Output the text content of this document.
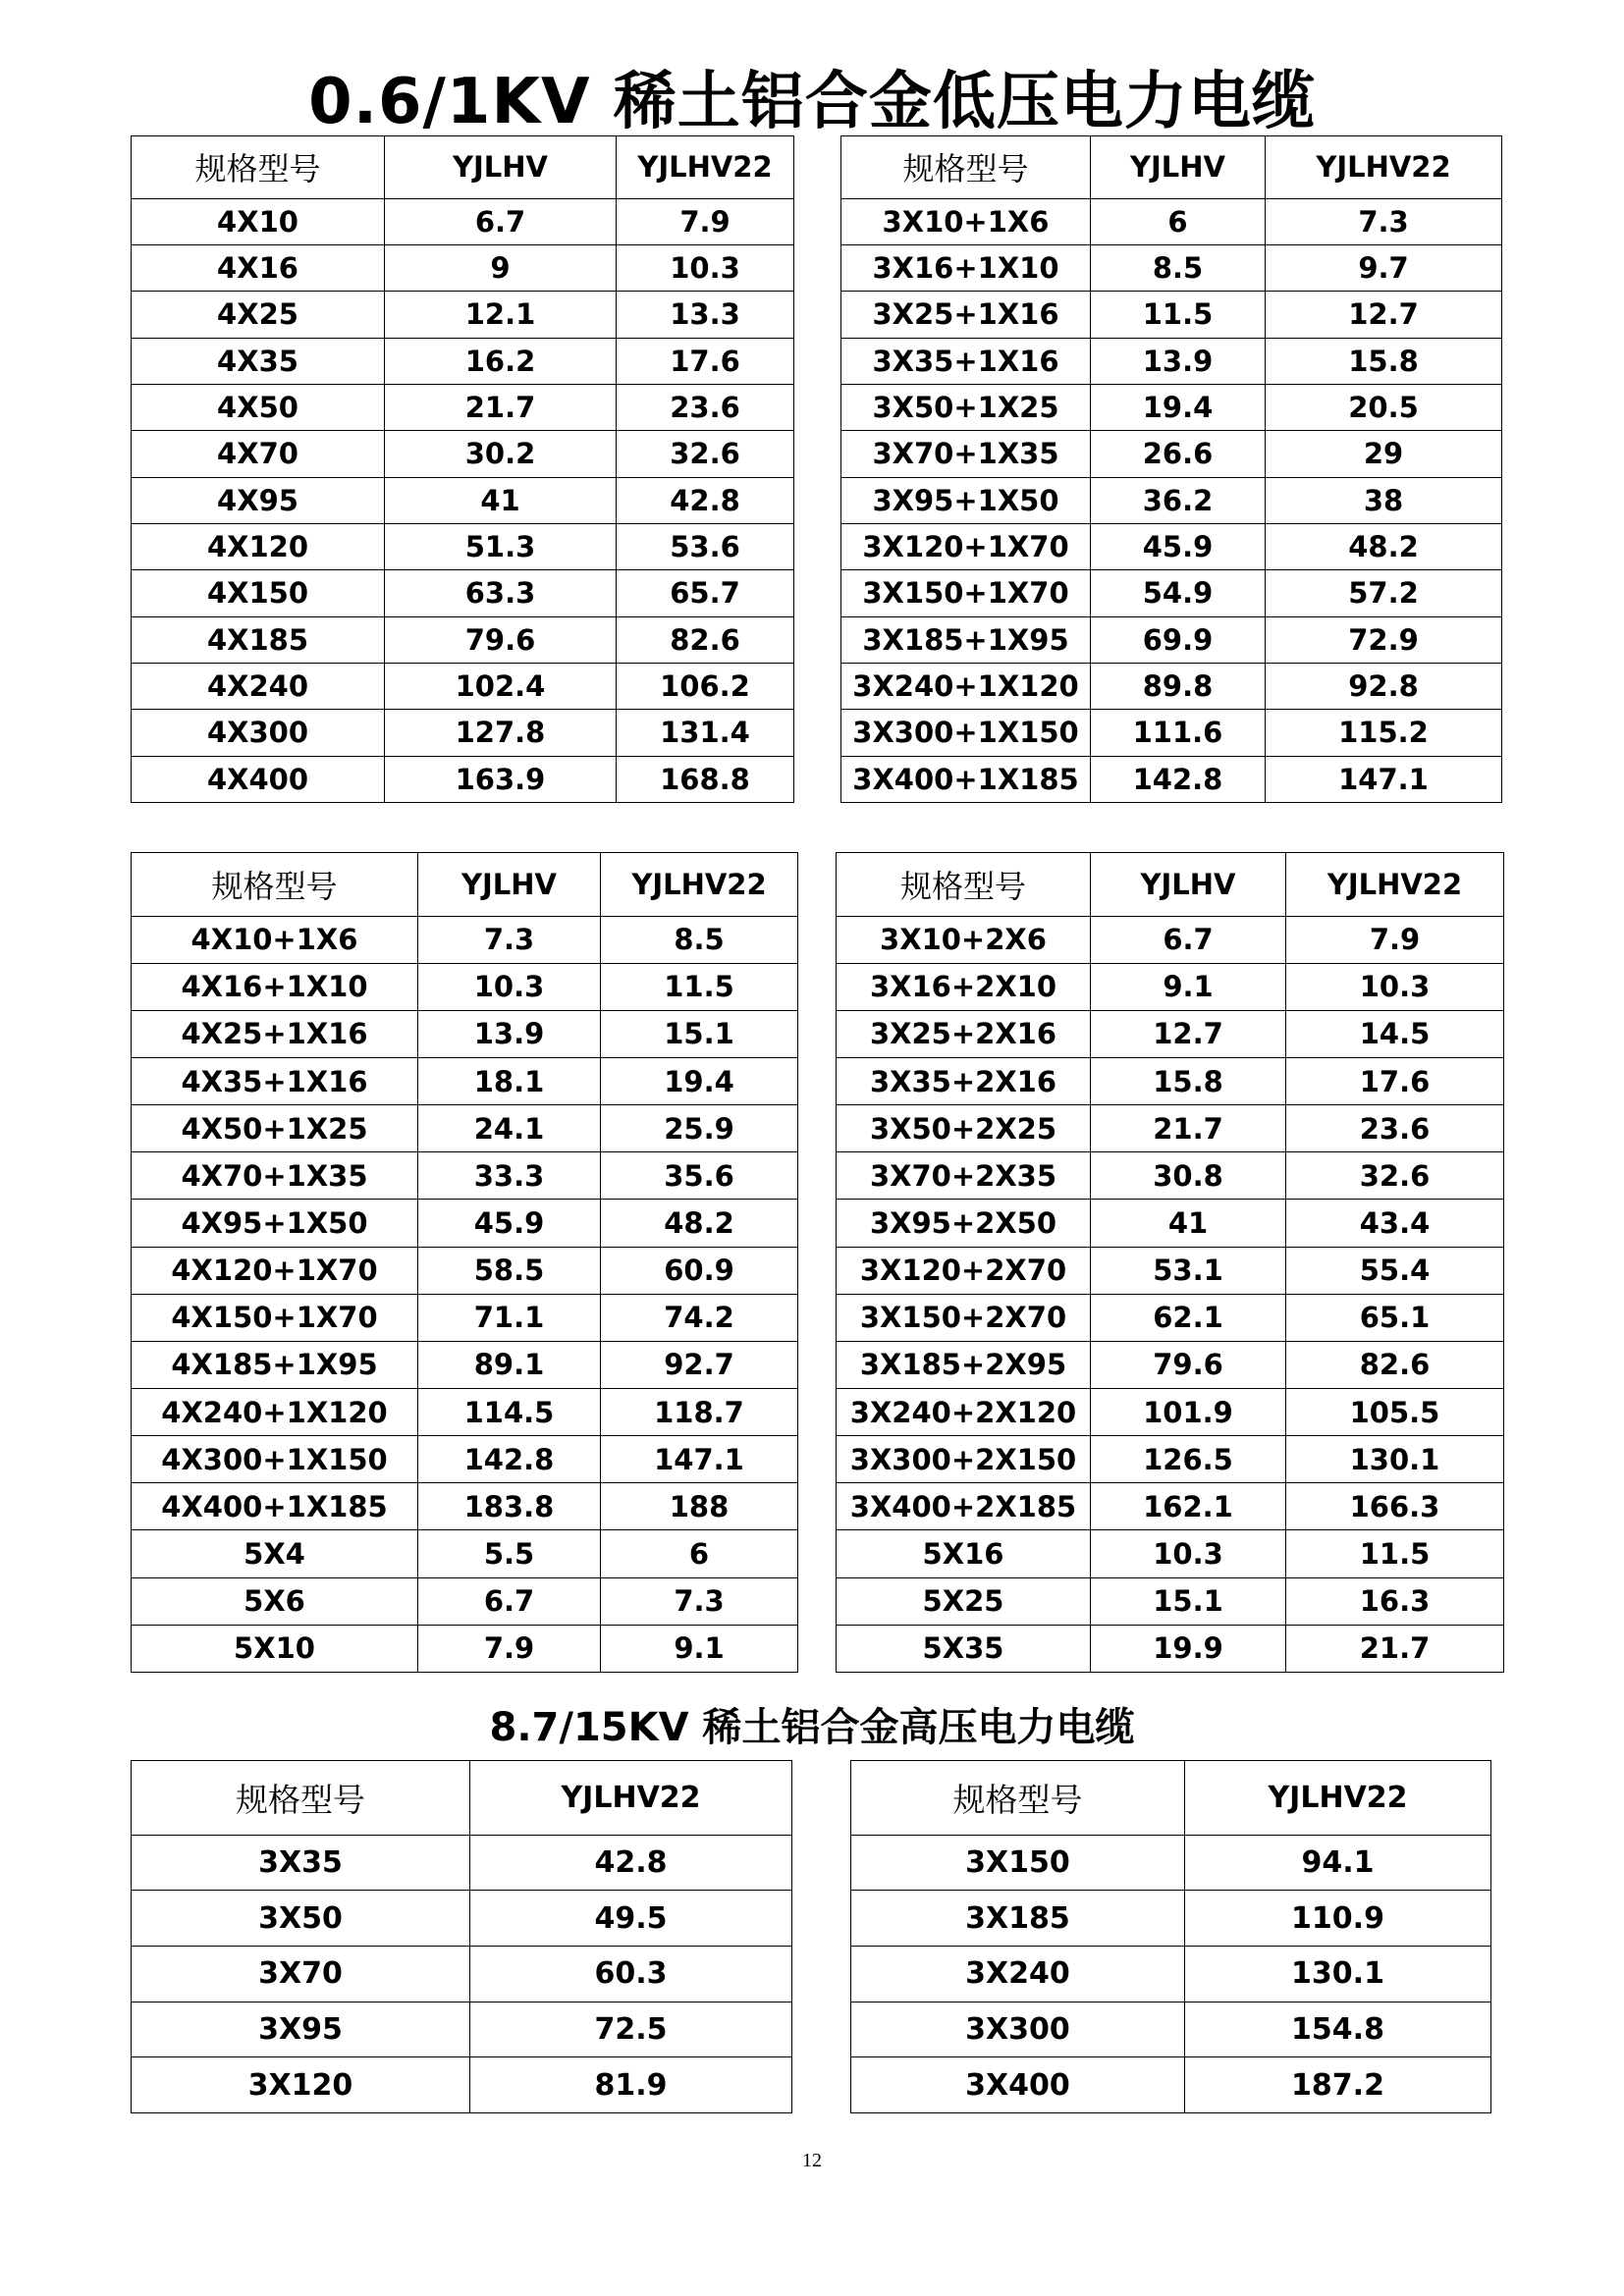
0.6/1KV 稀土铝合金低压电力电缆
规格型号	YJLHV	YJLHV22
4X10	6.7	7.9
4X16	9	10.3
4X25	12.1	13.3
4X35	16.2	17.6
4X50	21.7	23.6
4X70	30.2	32.6
4X95	41	42.8
4X120	51.3	53.6
4X150	63.3	65.7
4X185	79.6	82.6
4X240	102.4	106.2
4X300	127.8	131.4
4X400	163.9	168.8
规格型号	YJLHV	YJLHV22
3X10+1X6	6	7.3
3X16+1X10	8.5	9.7
3X25+1X16	11.5	12.7
3X35+1X16	13.9	15.8
3X50+1X25	19.4	20.5
3X70+1X35	26.6	29
3X95+1X50	36.2	38
3X120+1X70	45.9	48.2
3X150+1X70	54.9	57.2
3X185+1X95	69.9	72.9
3X240+1X120	89.8	92.8
3X300+1X150	111.6	115.2
3X400+1X185	142.8	147.1
规格型号	YJLHV	YJLHV22
4X10+1X6	7.3	8.5
4X16+1X10	10.3	11.5
4X25+1X16	13.9	15.1
4X35+1X16	18.1	19.4
4X50+1X25	24.1	25.9
4X70+1X35	33.3	35.6
4X95+1X50	45.9	48.2
4X120+1X70	58.5	60.9
4X150+1X70	71.1	74.2
4X185+1X95	89.1	92.7
4X240+1X120	114.5	118.7
4X300+1X150	142.8	147.1
4X400+1X185	183.8	188
5X4	5.5	6
5X6	6.7	7.3
5X10	7.9	9.1
规格型号	YJLHV	YJLHV22
3X10+2X6	6.7	7.9
3X16+2X10	9.1	10.3
3X25+2X16	12.7	14.5
3X35+2X16	15.8	17.6
3X50+2X25	21.7	23.6
3X70+2X35	30.8	32.6
3X95+2X50	41	43.4
3X120+2X70	53.1	55.4
3X150+2X70	62.1	65.1
3X185+2X95	79.6	82.6
3X240+2X120	101.9	105.5
3X300+2X150	126.5	130.1
3X400+2X185	162.1	166.3
5X16	10.3	11.5
5X25	15.1	16.3
5X35	19.9	21.7
8.7/15KV 稀土铝合金高压电力电缆
规格型号	YJLHV22
3X35	42.8
3X50	49.5
3X70	60.3
3X95	72.5
3X120	81.9
规格型号	YJLHV22
3X150	94.1
3X185	110.9
3X240	130.1
3X300	154.8
3X400	187.2
12
